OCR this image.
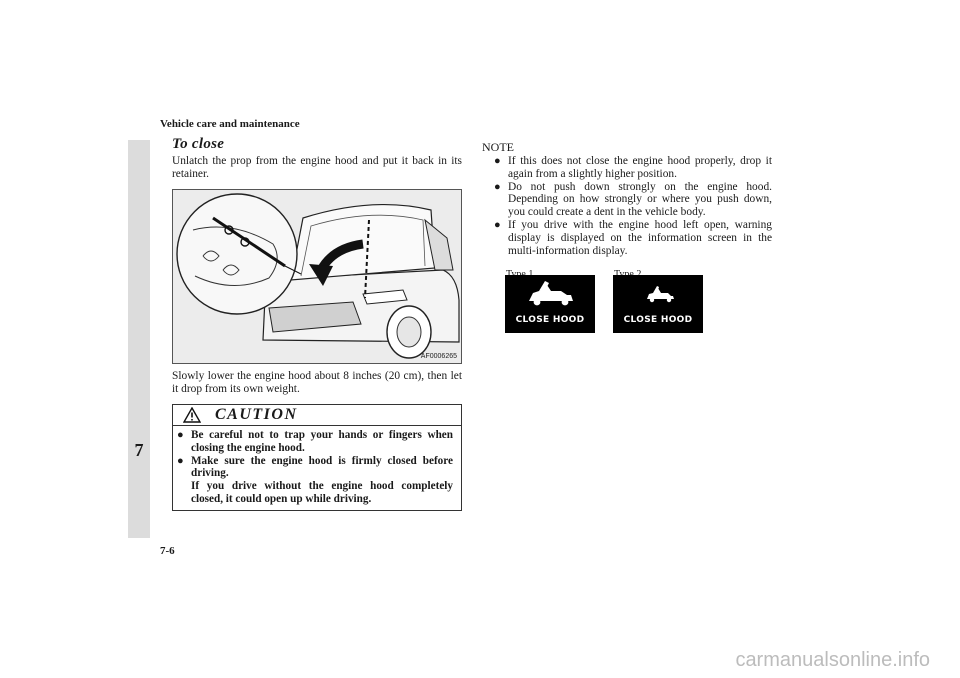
Vehicle care and maintenance
7
7-6
To close

Unlatch the prop from the engine hood and put it back in its retainer.

AF0006265

Slowly lower the engine hood about 8 inches (20 cm), then let it drop from its own weight.

CAUTION
● Be careful not to trap your hands or fingers when closing the engine hood.
● Make sure the engine hood is firmly closed before driving.
If you drive without the engine hood completely closed, it could open up while driving.
NOTE
● If this does not close the engine hood properly, drop it again from a slightly higher position.
● Do not push down strongly on the engine hood. Depending on how strongly or where you push down, you could create a dent in the vehicle body.
● If you drive with the engine hood left open, warning display is displayed on the information screen in the multi-information display.
CLOSE HOOD	CLOSE HOOD
carmanualsonline.info
